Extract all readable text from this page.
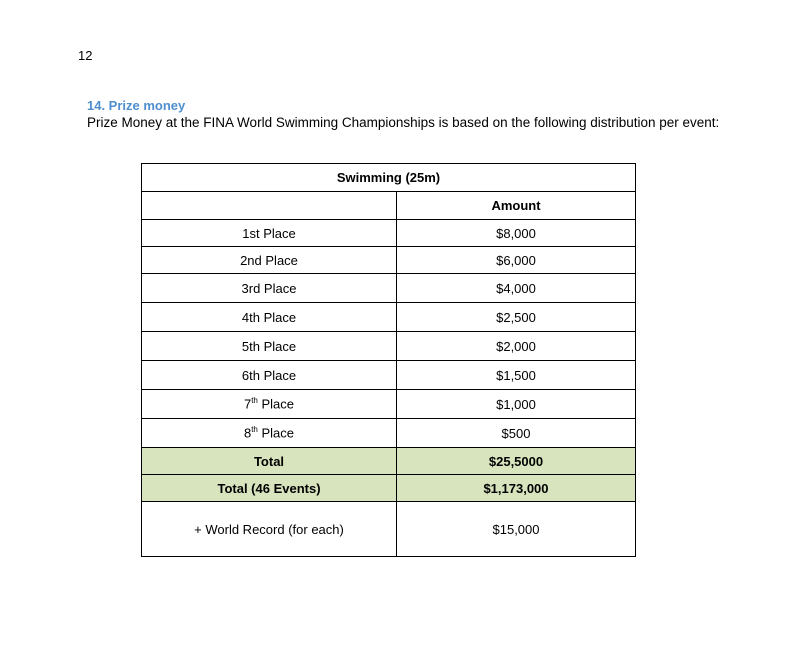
12
14. Prize money
Prize Money at the FINA World Swimming Championships is based on the following distribution per event:
Swimming (25m)	
	Amount
1st Place	$8,000
2nd Place	$6,000
3rd Place	$4,000
4th Place	$2,500
5th Place	$2,000
6th Place	$1,500
7th Place	$1,000
8th Place	$500
Total	$25,5000
Total (46 Events)	$1,173,000
+ World Record (for each)	$15,000
